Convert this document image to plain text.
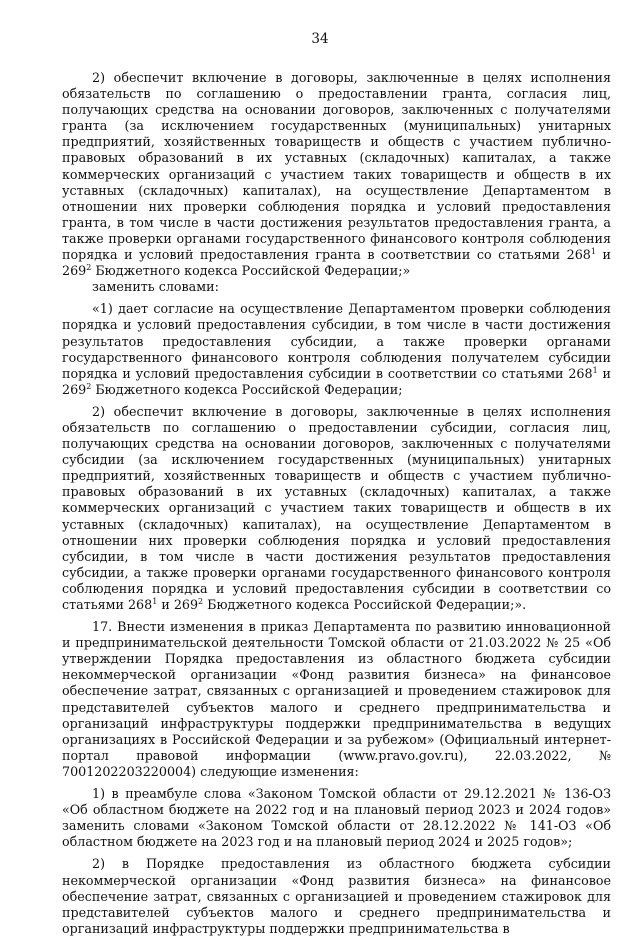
34

2) обеспечит включение в договоры, заключенные в целях исполнения обязательств по соглашению о предоставлении гранта, согласия лиц, получающих средства на основании договоров, заключенных с получателями гранта (за исключением государственных (муниципальных) унитарных предприятий, хозяйственных товариществ и обществ с участием публично-правовых образований в их уставных (складочных) капиталах, а также коммерческих организаций с участием таких товариществ и обществ в их уставных (складочных) капиталах), на осуществление Департаментом в отношении них проверки соблюдения порядка и условий предоставления гранта, в том числе в части достижения результатов предоставления гранта, а также проверки органами государственного финансового контроля соблюдения порядка и условий предоставления гранта в соответствии со статьями $268^1$ и $269^2$ Бюджетного кодекса Российской Федерации;»

заменить словами:

«1) дает согласие на осуществление Департаментом проверки соблюдения порядка и условий предоставления субсидии, в том числе в части достижения результатов предоставления субсидии, а также проверки органами государственного финансового контроля соблюдения получателем субсидии порядка и условий предоставления субсидии в соответствии со статьями $268^1$ и $269^2$ Бюджетного кодекса Российской Федерации;

2) обеспечит включение в договоры, заключенные в целях исполнения обязательств по соглашению о предоставлении субсидии, согласия лиц, получающих средства на основании договоров, заключенных с получателями субсидии (за исключением государственных (муниципальных) унитарных предприятий, хозяйственных товариществ и обществ с участием публично-правовых образований в их уставных (складочных) капиталах, а также коммерческих организаций с участием таких товариществ и обществ в их уставных (складочных) капиталах), на осуществление Департаментом в отношении них проверки соблюдения порядка и условий предоставления субсидии, в том числе в части достижения результатов предоставления субсидии, а также проверки органами государственного финансового контроля соблюдения порядка и условий предоставления субсидии в соответствии со статьями $268^1$ и $269^2$ Бюджетного кодекса Российской Федерации;».

17. Внести изменения в приказ Департамента по развитию инновационной и предпринимательской деятельности Томской области от 21.03.2022 № 25 «Об утверждении Порядка предоставления из областного бюджета субсидии некоммерческой организации «Фонд развития бизнеса» на финансовое обеспечение затрат, связанных с организацией и проведением стажировок для представителей субъектов малого и среднего предпринимательства и организаций инфраструктуры поддержки предпринимательства в ведущих организациях в Российской Федерации и за рубежом» (Официальный интернет-портал правовой информации (www.pravo.gov.ru), 22.03.2022, № 7001202203220004) следующие изменения:

1) в преамбуле слова «Законом Томской области от 29.12.2021 № 136-ОЗ «Об областном бюджете на 2022 год и на плановый период 2023 и 2024 годов» заменить словами «Законом Томской области от 28.12.2022 № 141-ОЗ «Об областном бюджете на 2023 год и на плановый период 2024 и 2025 годов»;

2) в Порядке предоставления из областного бюджета субсидии некоммерческой организации «Фонд развития бизнеса» на финансовое обеспечение затрат, связанных с организацией и проведением стажировок для представителей субъектов малого и среднего предпринимательства и организаций инфраструктуры поддержки предпринимательства в
